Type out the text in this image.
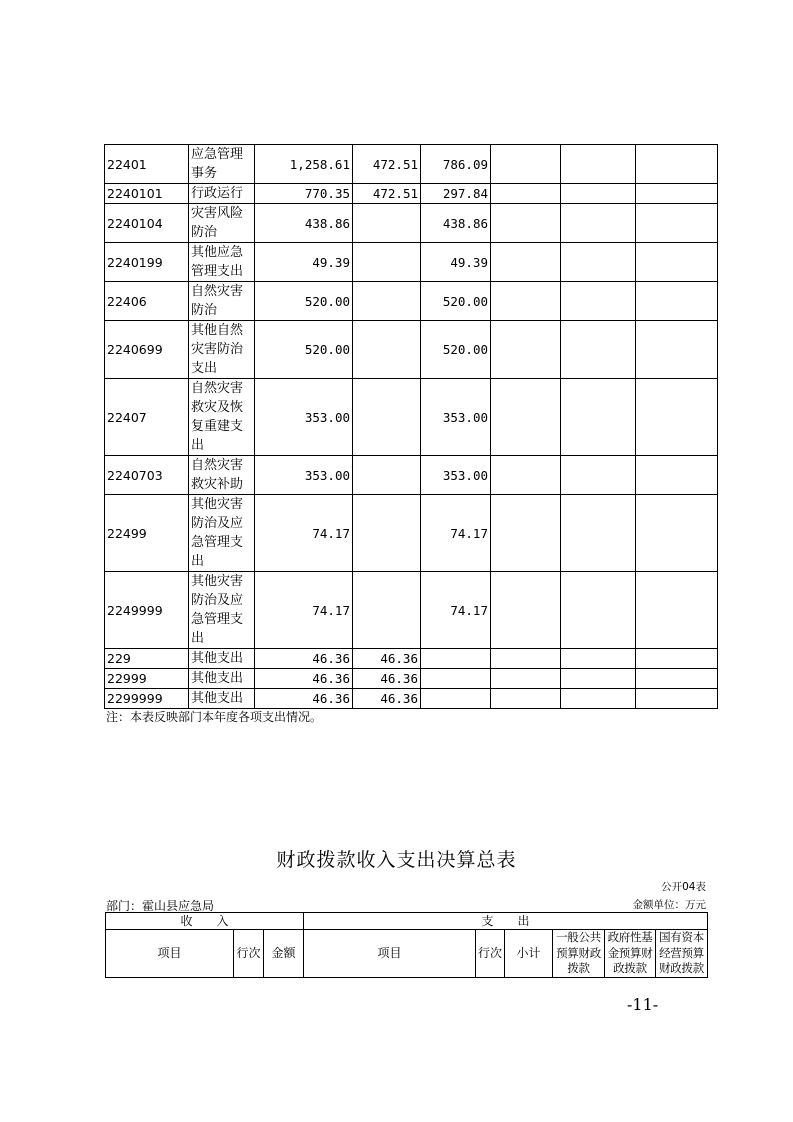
22401	应急管理
事务	1,258.61	472.51	786.09			
2240101	行政运行	770.35	472.51	297.84			
2240104	灾害风险
防治	438.86		438.86			
2240199	其他应急
管理支出	49.39		49.39			
22406	自然灾害
防治	520.00		520.00			
2240699	其他自然
灾害防治
支出	520.00		520.00			
22407	自然灾害
救灾及恢
复重建支
出	353.00		353.00			
2240703	自然灾害
救灾补助	353.00		353.00			
22499	其他灾害
防治及应
急管理支
出	74.17		74.17			
2249999	其他灾害
防治及应
急管理支
出	74.17		74.17			
229	其他支出	46.36	46.36				
22999	其他支出	46.36	46.36				
2299999	其他支出	46.36	46.36				
注：本表反映部门本年度各项支出情况。
财政拨款收入支出决算总表
公开04表
部门：霍山县应急局	金额单位：万元
收　　入			支　　出					
项目	行次	金额	项目	行次	小计	一般公共预算财政拨款	政府性基金预算财政拨款	国有资本经营预算财政拨款
-11-
